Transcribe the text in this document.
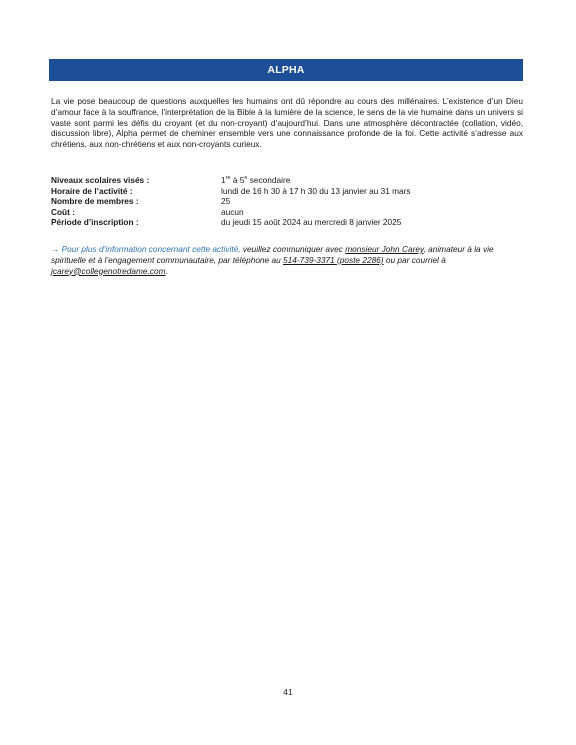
ALPHA

La vie pose beaucoup de questions auxquelles les humains ont dû répondre au cours des millénaires. L’existence d’un Dieu d’amour face à la souffrance, l’interprétation de la Bible à la lumière de la science, le sens de la vie humaine dans un univers si vaste sont parmi les défis du croyant (et du non-croyant) d’aujourd’hui. Dans une atmosphère décontractée (collation, vidéo, discussion libre), Alpha permet de cheminer ensemble vers une connaissance profonde de la foi. Cette activité s’adresse aux chrétiens, aux non-chrétiens et aux non-croyants curieux.

Niveaux scolaires visés :	1re à 5e secondaire
Horaire de l’activité :	lundi de 16 h 30 à 17 h 30 du 13 janvier au 31 mars
Nombre de membres :	25
Coût :	aucun
Période d’inscription :	du jeudi 15 août 2024 au mercredi 8 janvier 2025

→ Pour plus d’information concernant cette activité, veuillez communiquer avec monsieur John Carey, animateur à la vie spirituelle et à l’engagement communautaire, par téléphone au 514-739-3371 (poste 2286) ou par courriel à jcarey@collegenotredame.com.

41
